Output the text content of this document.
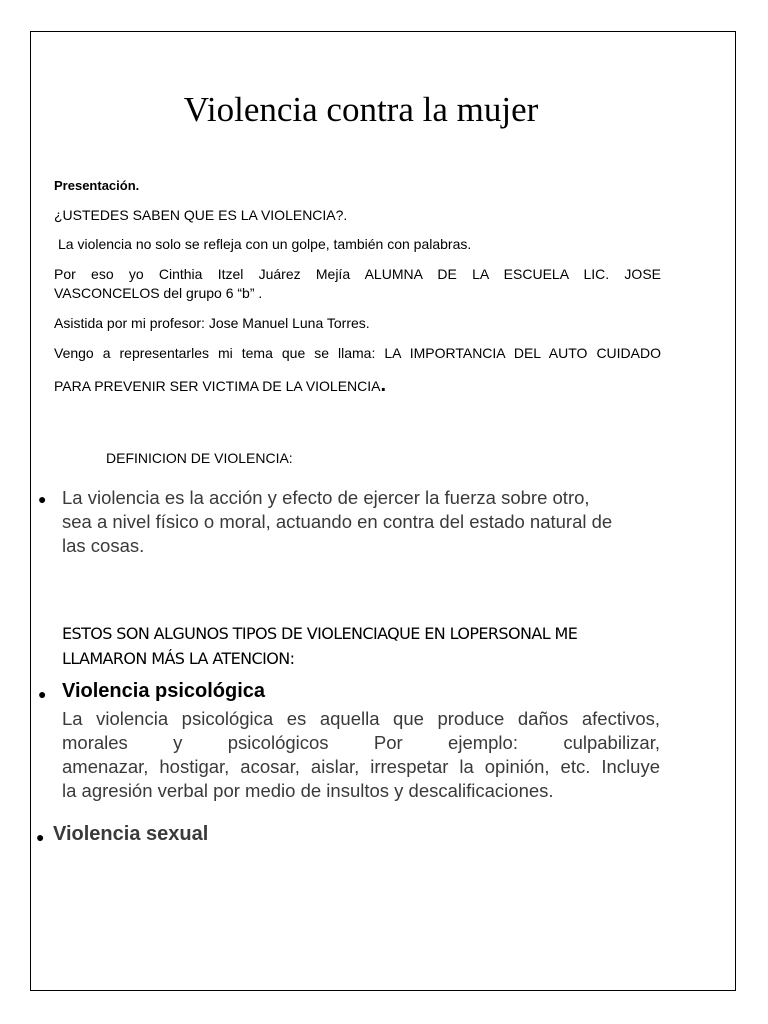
Violencia contra la mujer

Presentación.

¿USTEDES SABEN QUE ES LA VIOLENCIA?.

La violencia no solo se refleja con un golpe, también con palabras.

Por eso yo Cinthia Itzel Juárez Mejía ALUMNA DE LA ESCUELA LIC. JOSE

VASCONCELOS del grupo 6 “b” .

Asistida por mi profesor: Jose Manuel Luna Torres.

Vengo a representarles mi tema que se llama: LA IMPORTANCIA DEL AUTO CUIDADO

PARA PREVENIR SER VICTIMA DE LA VIOLENCIA.

DEFINICION DE VIOLENCIA:

● La violencia es la acción y efecto de ejercer la fuerza sobre otro,
sea a nivel físico o moral, actuando en contra del estado natural de
las cosas.

ESTOS SON ALGUNOS TIPOS DE VIOLENCIAQUE EN LOPERSONAL ME
LLAMARON MÁS LA ATENCION:

● Violencia psicológica

La violencia psicológica es aquella que produce daños afectivos,
morales y psicológicos Por ejemplo: culpabilizar,
amenazar, hostigar, acosar, aislar, irrespetar la opinión, etc. Incluye
la agresión verbal por medio de insultos y descalificaciones.

● Violencia sexual
